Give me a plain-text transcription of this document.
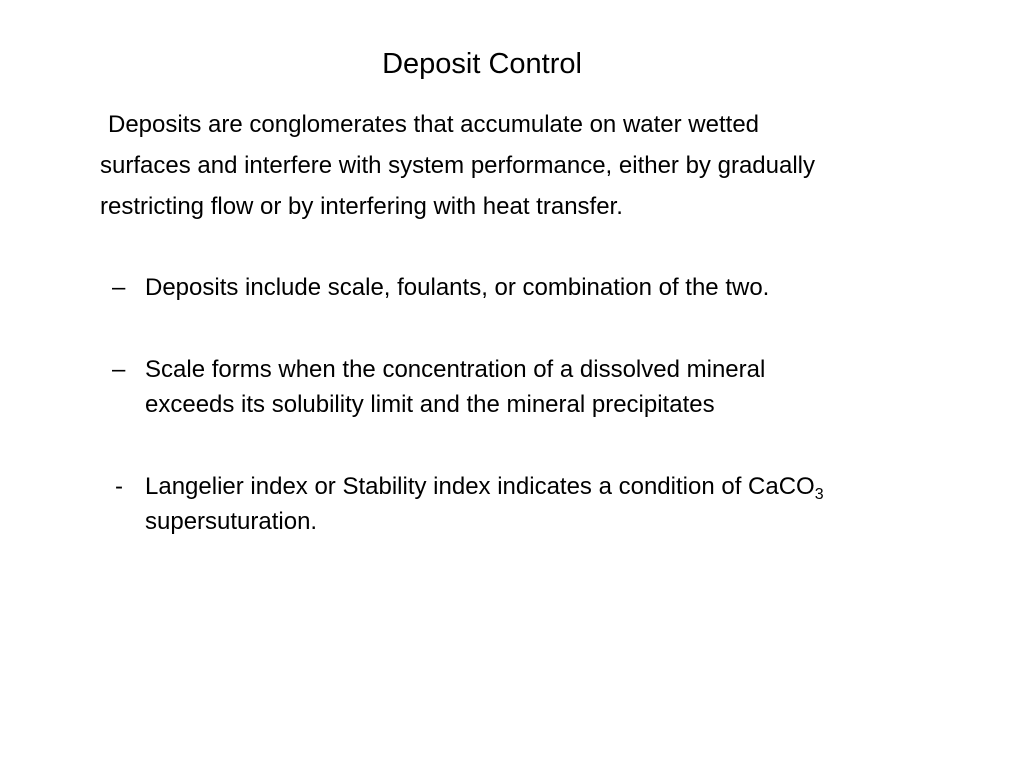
Deposit Control
Deposits are conglomerates that accumulate on water wetted
surfaces and interfere with system performance, either by gradually
restricting flow or by interfering with heat transfer.
– Deposits include scale, foulants, or combination of the two.
– Scale forms when the concentration of a dissolved mineral
exceeds its solubility limit and the mineral precipitates
- Langelier index or Stability index indicates a condition of CaCO$_3$
supersuturation.
